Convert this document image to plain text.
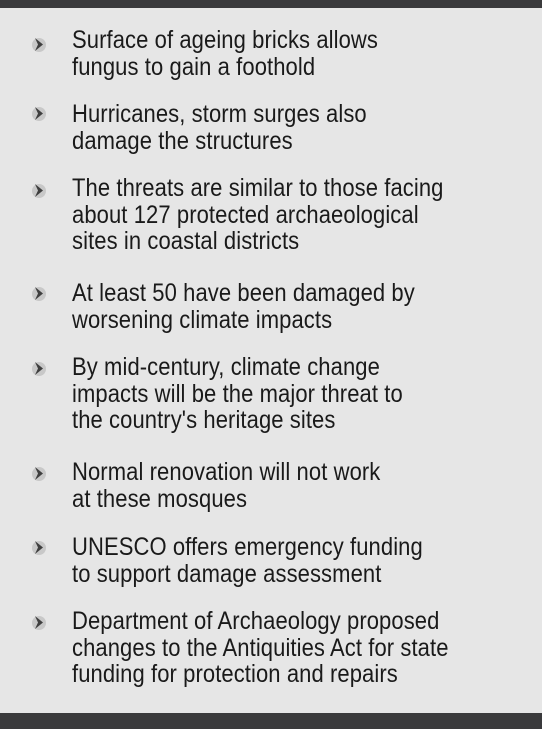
Surface of ageing bricks allows
fungus to gain a foothold

Hurricanes, storm surges also
damage the structures

The threats are similar to those facing
about 127 protected archaeological
sites in coastal districts

At least 50 have been damaged by
worsening climate impacts

By mid-century, climate change
impacts will be the major threat to
the country's heritage sites

Normal renovation will not work
at these mosques

UNESCO offers emergency funding
to support damage assessment

Department of Archaeology proposed
changes to the Antiquities Act for state
funding for protection and repairs
